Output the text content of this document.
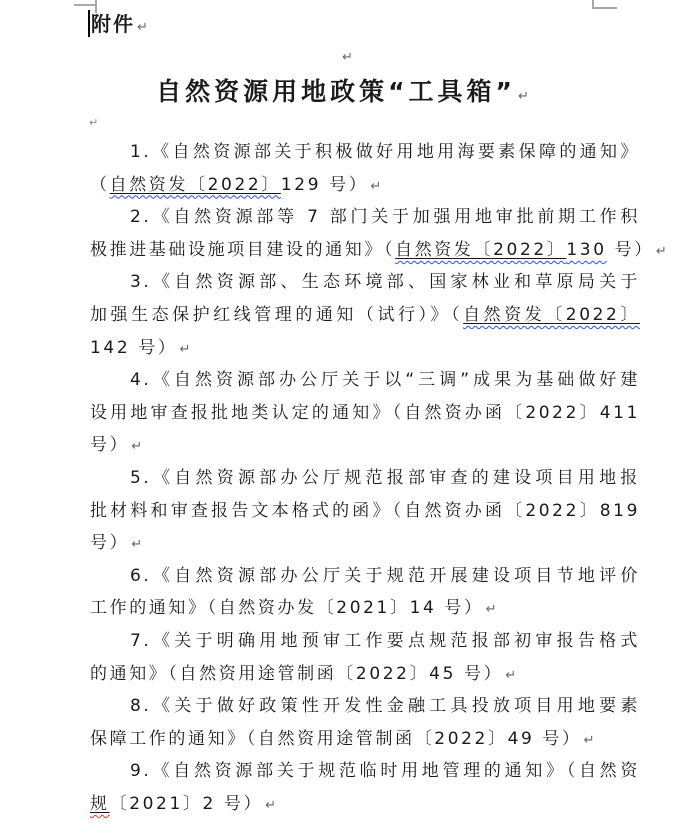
附件 ↵
↵
↵
自然资源用地政策“工具箱” ↵
1.《自然资源部关于积极做好用地用海要素保障的通知》
（自然资发〔2022〕129 号） ↵
2.《自然资源部等 7 部门关于加强用地审批前期工作积
极推进基础设施项目建设的通知》（自然资发〔2022〕130 号） ↵
3.《自然资源部、生态环境部、国家林业和草原局关于
加强生态保护红线管理的通知（试行）》（自然资发〔2022〕
142 号） ↵
4.《自然资源部办公厅关于以“三调”成果为基础做好建
设用地审查报批地类认定的通知》（自然资办函〔2022〕411
号） ↵
5.《自然资源部办公厅规范报部审查的建设项目用地报
批材料和审查报告文本格式的函》（自然资办函〔2022〕819
号） ↵
6.《自然资源部办公厅关于规范开展建设项目节地评价
工作的通知》（自然资办发〔2021〕14 号） ↵
7.《关于明确用地预审工作要点规范报部初审报告格式
的通知》（自然资用途管制函〔2022〕45 号） ↵
8.《关于做好政策性开发性金融工具投放项目用地要素
保障工作的通知》（自然资用途管制函〔2022〕49 号） ↵
9.《自然资源部关于规范临时用地管理的通知》（自然资
规〔2021〕2 号） ↵
